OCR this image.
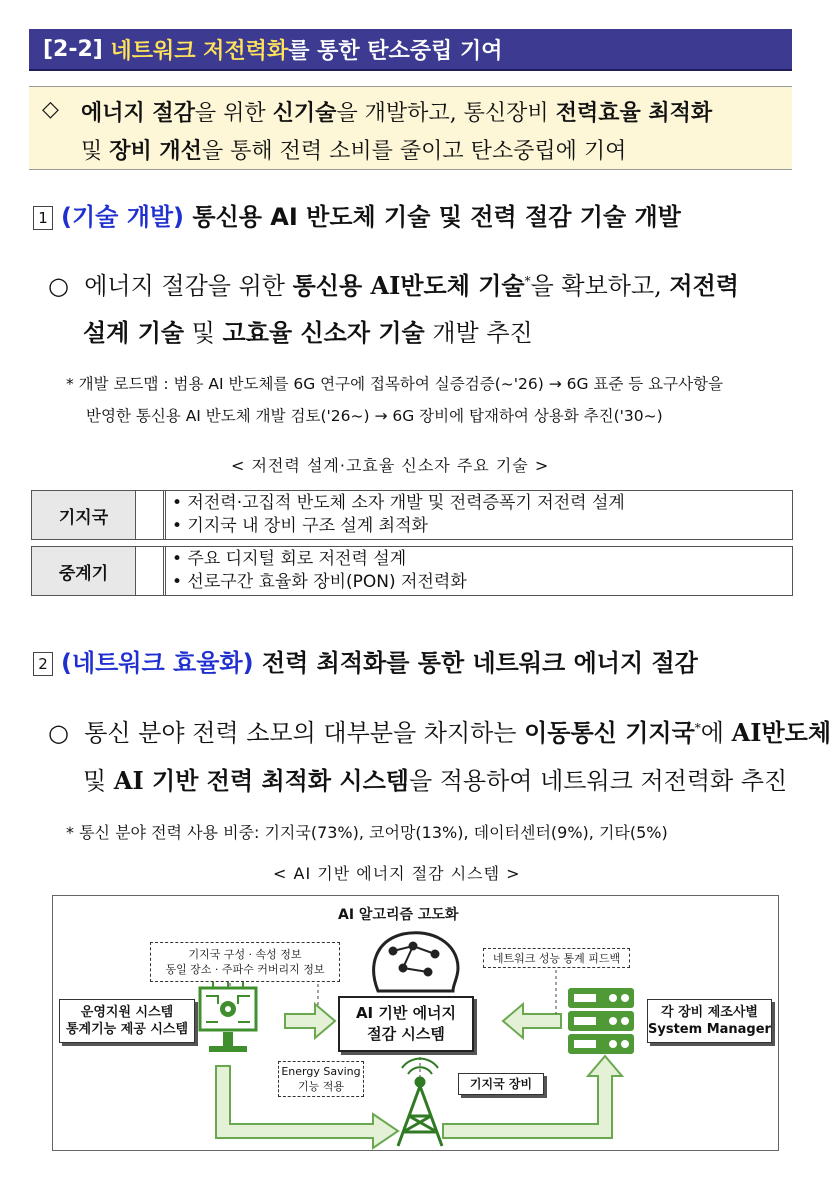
[2-2] 네트워크 저전력화 를 통한 탄소중립 기여
◇ 에너지 절감을 위한 신기술을 개발하고, 통신장비 전력효율 최적화
및 장비 개선을 통해 전력 소비를 줄이고 탄소중립에 기여
1 (기술 개발) 통신용 AI 반도체 기술 및 전력 절감 기술 개발
○ 에너지 절감을 위한 통신용 AI반도체 기술*을 확보하고, 저전력
설계 기술 및 고효율 신소자 기술 개발 추진
* 개발 로드맵 : 범용 AI 반도체를 6G 연구에 접목하여 실증검증(~'26) → 6G 표준 등 요구사항을
반영한 통신용 AI 반도체 개발 검토('26~) → 6G 장비에 탑재하여 상용화 추진('30~)
< 저전력 설계·고효율 신소자 주요 기술 >
기지국
• 저전력·고집적 반도체 소자 개발 및 전력증폭기 저전력 설계
• 기지국 내 장비 구조 설계 최적화
중계기
• 주요 디지털 회로 저전력 설계
• 선로구간 효율화 장비(PON) 저전력화
2 (네트워크 효율화) 전력 최적화를 통한 네트워크 에너지 절감
○ 통신 분야 전력 소모의 대부분을 차지하는 이동통신 기지국*에 AI반도체
및 AI 기반 전력 최적화 시스템을 적용하여 네트워크 저전력화 추진
* 통신 분야 전력 사용 비중: 기지국(73%), 코어망(13%), 데이터센터(9%), 기타(5%)
< AI 기반 에너지 절감 시스템 >
AI 알고리즘 고도화
기지국 구성 · 속성 정보
동일 장소 · 주파수 커버리지 정보
네트워크 성능 통계 피드백
운영지원 시스템
통계기능 제공 시스템
AI 기반 에너지
절감 시스템
각 장비 제조사별
System Manager
Energy Saving
기능 적용	기지국 장비
